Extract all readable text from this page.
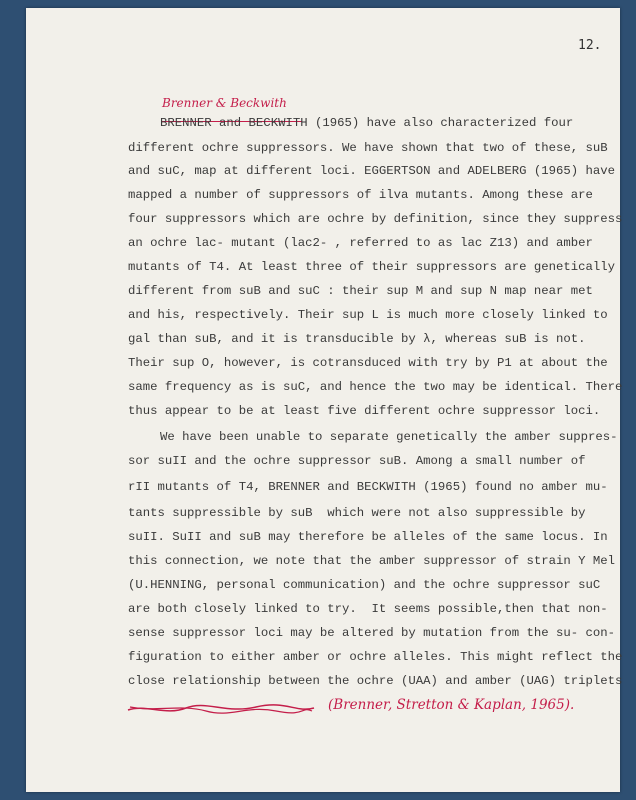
12.
Brenner & Beckwith
BRENNER and BECKWITH (1965) have also characterized four
different ochre suppressors. We have shown that two of these, suB
and suC, map at different loci. EGGERTSON and ADELBERG (1965) have
mapped a number of suppressors of ilva mutants. Among these are
four suppressors which are ochre by definition, since they suppress
an ochre lac- mutant (lac2- , referred to as lac Z13) and amber
mutants of T4. At least three of their suppressors are genetically
different from suB and suC : their sup M and sup N map near met
and his, respectively. Their sup L is much more closely linked to
gal than suB, and it is transducible by λ, whereas suB is not.
Their sup O, however, is cotransduced with try by P1 at about the
same frequency as is suC, and hence the two may be identical. There
thus appear to be at least five different ochre suppressor loci.
We have been unable to separate genetically the amber suppres-
sor suII and the ochre suppressor suB. Among a small number of
rII mutants of T4, BRENNER and BECKWITH (1965) found no amber mu-
tants suppressible by suB  which were not also suppressible by
suII. SuII and suB may therefore be alleles of the same locus. In
this connection, we note that the amber suppressor of strain Y Mel
(U.HENNING, personal communication) and the ochre suppressor suC
are both closely linked to try.  It seems possible,then that non-
sense suppressor loci may be altered by mutation from the su- con-
figuration to either amber or ochre alleles. This might reflect the
close relationship between the ochre (UAA) and amber (UAG) triplets
(Brenner, Stretton & Kaplan, 1965).
